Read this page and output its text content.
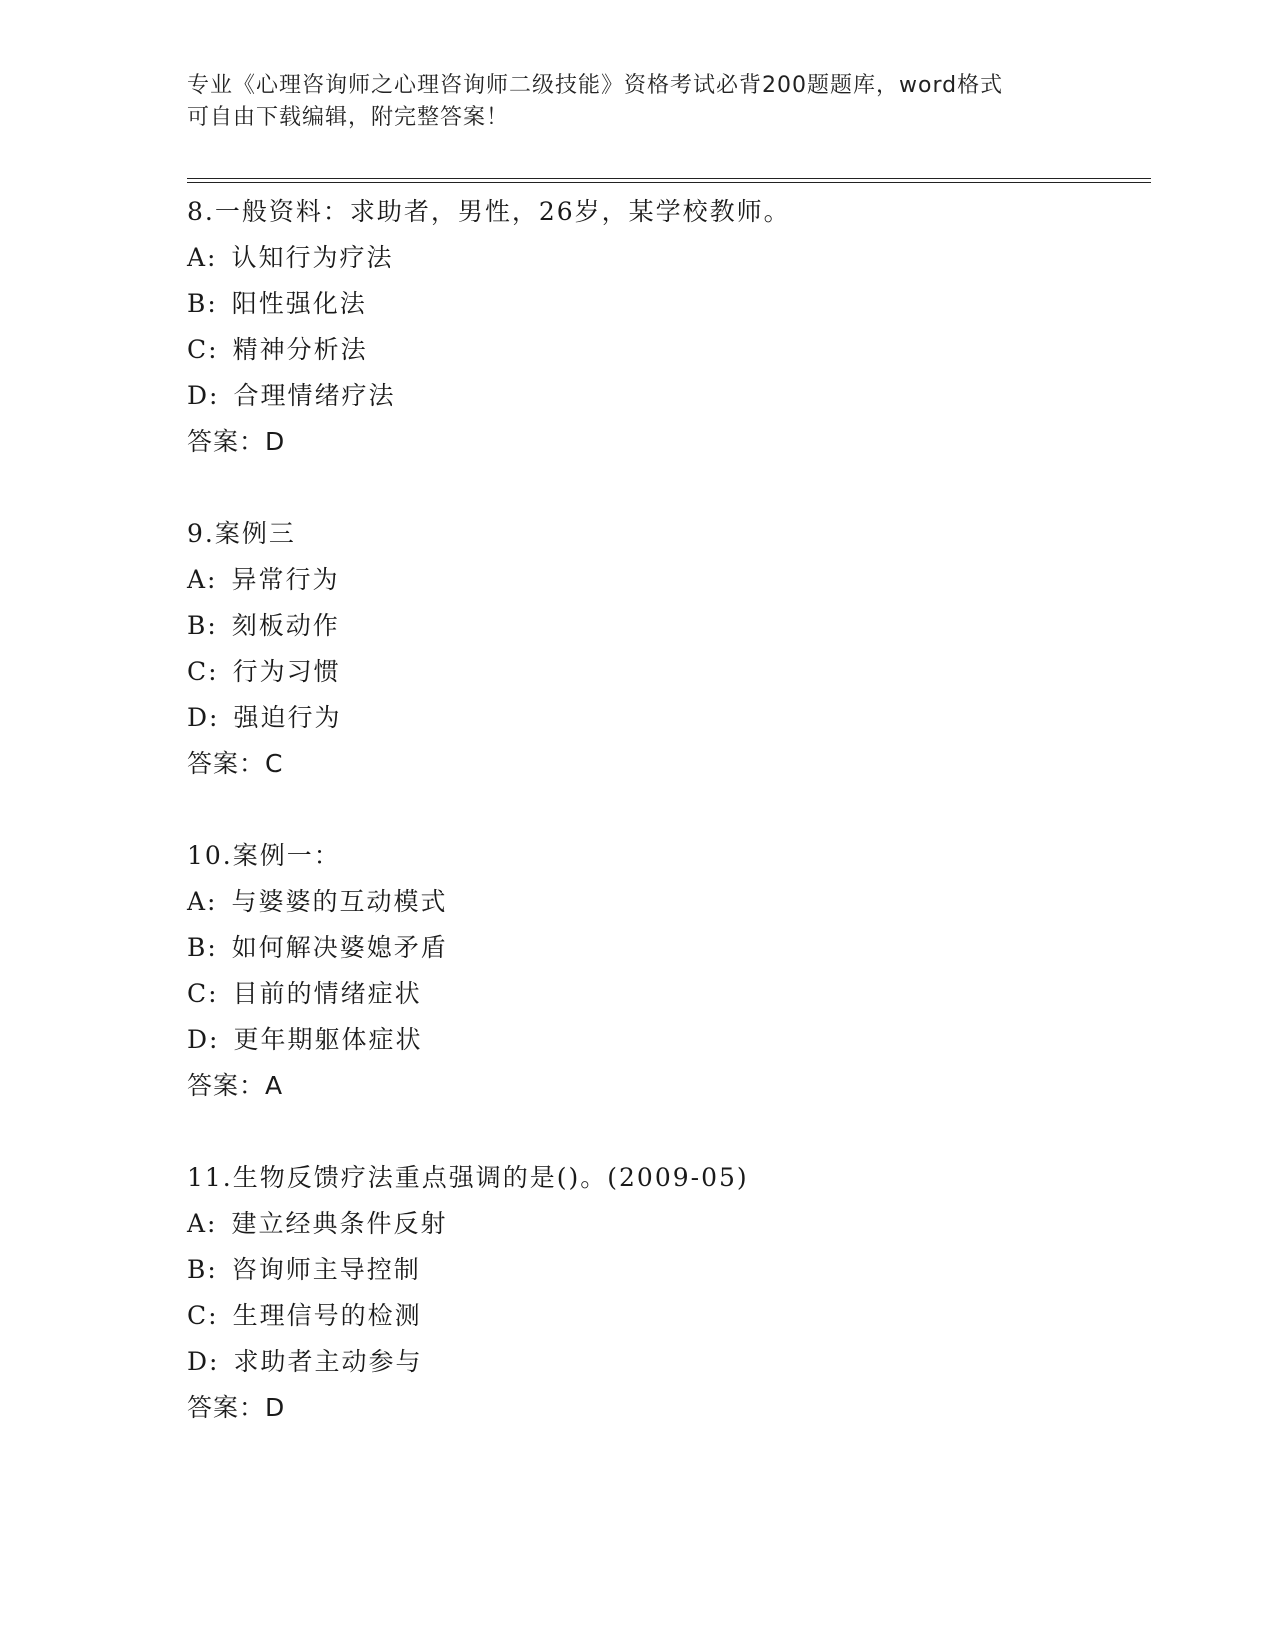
专业《心理咨询师之心理咨询师二级技能》资格考试必背200题题库，word格式
可自由下载编辑，附完整答案！
8.一般资料：求助者，男性，26岁，某学校教师。
A: 认知行为疗法
B: 阳性强化法
C: 精神分析法
D: 合理情绪疗法
答案：D
9.案例三
A: 异常行为
B: 刻板动作
C: 行为习惯
D: 强迫行为
答案：C
10.案例一：
A: 与婆婆的互动模式
B: 如何解决婆媳矛盾
C: 目前的情绪症状
D: 更年期躯体症状
答案：A
11.生物反馈疗法重点强调的是()。(2009-05)
A: 建立经典条件反射
B: 咨询师主导控制
C: 生理信号的检测
D: 求助者主动参与
答案：D
